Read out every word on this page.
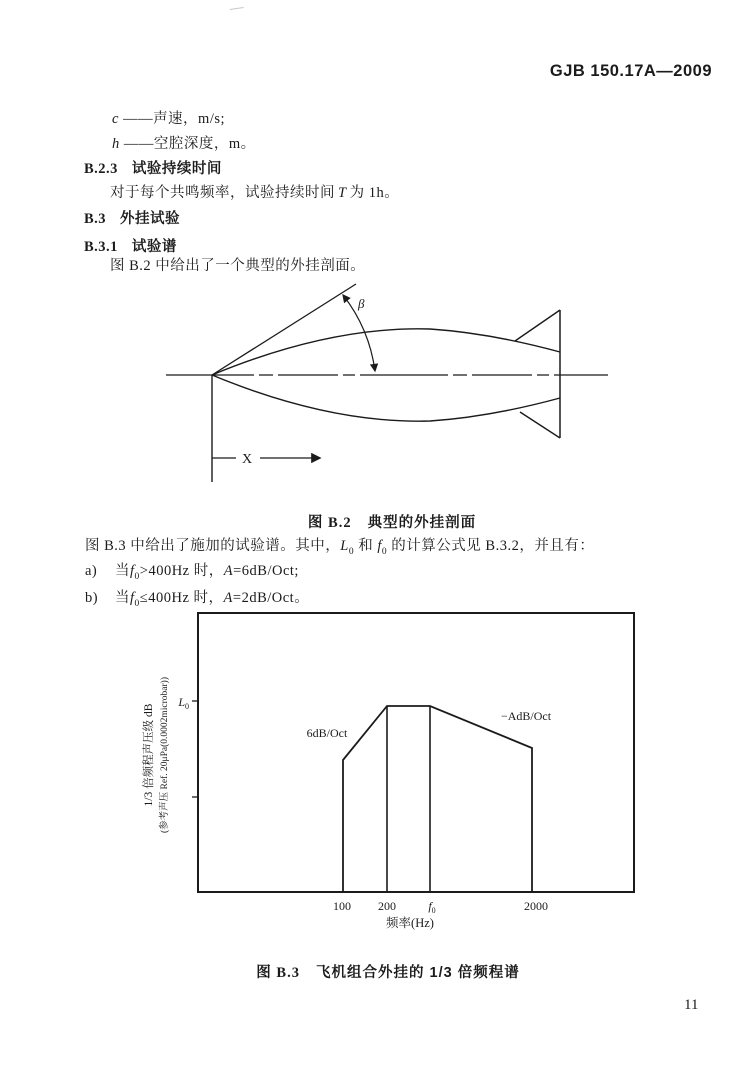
GJB 150.17A—2009
c ——声速，m/s;
h ——空腔深度，m。
B.2.3 试验持续时间
对于每个共鸣频率，试验持续时间 T 为 1h。
B.3 外挂试验
B.3.1 试验谱
图 B.2 中给出了一个典型的外挂剖面。
β
X
图 B.2 典型的外挂剖面
图 B.3 中给出了施加的试验谱。其中，$L_0$ 和 $f_0$ 的计算公式见 B.3.2，并且有：
a) 当$f_0>400Hz$ 时，A=6dB/Oct;
b) 当$f_0\le 400Hz$ 时，A=2dB/Oct。
$L_0$
6dB/Oct
−AdB/Oct
100 200	$f_0$	2000
频率(Hz)
1/3 倍频程声压级 dB (参考声压 Ref. 20μPa(0.0002microbar))
图 B.3 飞机组合外挂的 1/3 倍频程谱
11
